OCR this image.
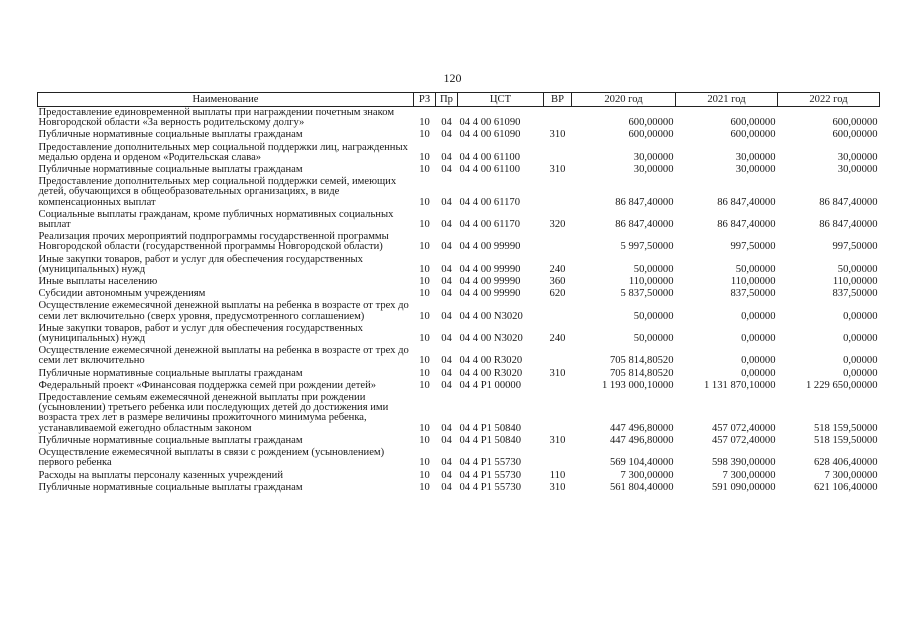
120
Наименование	РЗ	Пр	ЦСТ	ВР	2020 год	2021 год	2022 год
Предоставление единовременной выплаты при награждении почетным знаком Новгородской области «За верность родительскому долгу»	10	04	04 4 00 61090		600,00000	600,00000	600,00000
Публичные нормативные социальные выплаты гражданам	10	04	04 4 00 61090	310	600,00000	600,00000	600,00000
Предоставление дополнительных мер социальной поддержки лиц, награжденных медалью ордена и орденом «Родительская слава»	10	04	04 4 00 61100		30,00000	30,00000	30,00000
Публичные нормативные социальные выплаты гражданам	10	04	04 4 00 61100	310	30,00000	30,00000	30,00000
Предоставление дополнительных мер социальной поддержки семей, имеющих детей, обучающихся в общеобразовательных организациях, в виде компенсационных выплат	10	04	04 4 00 61170		86 847,40000	86 847,40000	86 847,40000
Социальные выплаты гражданам, кроме публичных нормативных социальных выплат	10	04	04 4 00 61170	320	86 847,40000	86 847,40000	86 847,40000
Реализация прочих мероприятий подпрограммы государственной программы Новгородской области (государственной программы Новгородской области)	10	04	04 4 00 99990		5 997,50000	997,50000	997,50000
Иные закупки товаров, работ и услуг для обеспечения государственных (муниципальных) нужд	10	04	04 4 00 99990	240	50,00000	50,00000	50,00000
Иные выплаты населению	10	04	04 4 00 99990	360	110,00000	110,00000	110,00000
Субсидии автономным учреждениям	10	04	04 4 00 99990	620	5 837,50000	837,50000	837,50000
Осуществление ежемесячной денежной выплаты на ребенка в возрасте от трех до семи лет включительно (сверх уровня, предусмотренного соглашением)	10	04	04 4 00 N3020		50,00000	0,00000	0,00000
Иные закупки товаров, работ и услуг для обеспечения государственных (муниципальных) нужд	10	04	04 4 00 N3020	240	50,00000	0,00000	0,00000
Осуществление ежемесячной денежной выплаты на ребенка в возрасте от трех до семи лет включительно	10	04	04 4 00 R3020		705 814,80520	0,00000	0,00000
Публичные нормативные социальные выплаты гражданам	10	04	04 4 00 R3020	310	705 814,80520	0,00000	0,00000
Федеральный проект «Финансовая поддержка семей при рождении детей»	10	04	04 4 P1 00000		1 193 000,10000	1 131 870,10000	1 229 650,00000
Предоставление семьям ежемесячной денежной выплаты при рождении (усыновлении) третьего ребенка или последующих детей до достижения ими возраста трех лет в размере величины прожиточного минимума ребенка, устанавливаемой ежегодно областным законом	10	04	04 4 P1 50840		447 496,80000	457 072,40000	518 159,50000
Публичные нормативные социальные выплаты гражданам	10	04	04 4 P1 50840	310	447 496,80000	457 072,40000	518 159,50000
Осуществление ежемесячной выплаты в связи с рождением (усыновлением) первого ребенка	10	04	04 4 P1 55730		569 104,40000	598 390,00000	628 406,40000
Расходы на выплаты персоналу казенных учреждений	10	04	04 4 P1 55730	110	7 300,00000	7 300,00000	7 300,00000
Публичные нормативные социальные выплаты гражданам	10	04	04 4 P1 55730	310	561 804,40000	591 090,00000	621 106,40000
